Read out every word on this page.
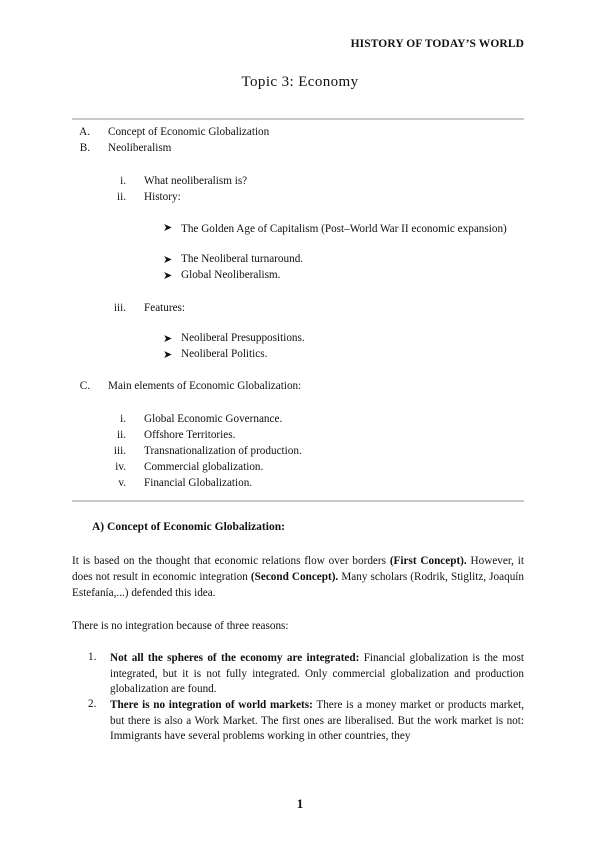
HISTORY OF TODAY’S WORLD
Topic 3: Economy
A. Concept of Economic Globalization
B. Neoliberalism
i. What neoliberalism is?
ii. History:
➤ The Golden Age of Capitalism (Post–World War II economic expansion)
➤ The Neoliberal turnaround.
➤ Global Neoliberalism.
iii. Features:
➤ Neoliberal Presuppositions.
➤ Neoliberal Politics.
C. Main elements of Economic Globalization:
i. Global Economic Governance.
ii. Offshore Territories.
iii. Transnationalization of production.
iv. Commercial globalization.
v. Financial Globalization.
A) Concept of Economic Globalization:
It is based on the thought that economic relations flow over borders (First Concept). However, it does not result in economic integration (Second Concept). Many scholars (Rodrik, Stiglitz, Joaquín Estefanía,...) defended this idea.
There is no integration because of three reasons:
1. Not all the spheres of the economy are integrated: Financial globalization is the most integrated, but it is not fully integrated. Only commercial globalization and production globalization are found.
2. There is no integration of world markets: There is a money market or products market, but there is also a Work Market. The first ones are liberalised. But the work market is not: Immigrants have several problems working in other countries, they
1
